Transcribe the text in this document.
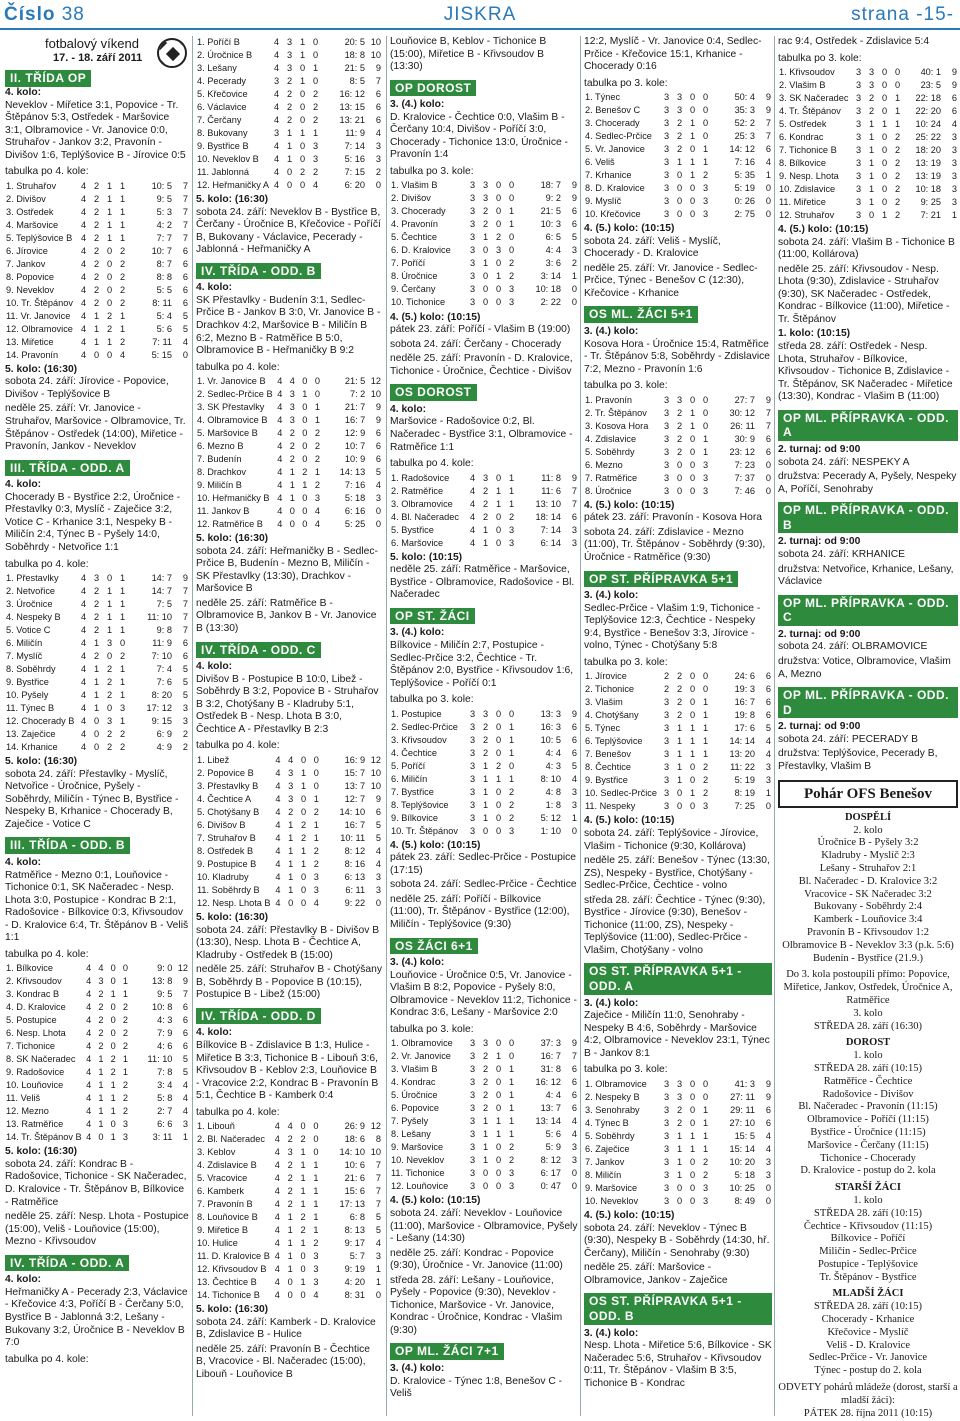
Číslo 38	JISKRA	strana -15-
fotbalový víkend
17. - 18. září 2011
II. TŘÍDA OP
4. kolo:
Neveklov - Miřetice 3:1, Popovice - Tr. Štěpánov 5:3, Ostředek - Maršovice 3:1, Olbramovice - Vr. Janovice 0:0, Struhařov - Jankov 3:2, Pravonín - Divišov 1:6, Teplýšovice B - Jírovice 0:5
tabulka po 4. kole:
1. Struhařov	4	2	1	1	10: 5	7
2. Divišov	4	2	1	1	9: 5	7
3. Ostředek	4	2	1	1	5: 3	7
4. Maršovice	4	2	1	1	4: 2	7
5. Teplýšovice B	4	2	1	1	7: 7	7
6. Jírovice	4	2	0	2	10: 7	6
7. Jankov	4	2	0	2	8: 7	6
8. Popovice	4	2	0	2	8: 8	6
9. Neveklov	4	2	0	2	5: 5	6
10. Tr. Štěpánov	4	2	0	2	8: 11	6
11. Vr. Janovice	4	1	2	1	5: 4	5
12. Olbramovice	4	1	2	1	5: 6	5
13. Miřetice	4	1	1	2	7: 11	4
14. Pravonín	4	0	0	4	5: 15	0
5. kolo: (16:30)
sobota 24. září: Jírovice - Popovice, Divišov - Teplýšovice B
neděle 25. září: Vr. Janovice - Struhařov, Maršovice - Olbramovice, Tr. Štěpánov - Ostředek (14:00), Miřetice - Pravonín, Jankov - Neveklov
III. TŘÍDA - ODD. A
4. kolo:
Chocerady B - Bystřice 2:2, Úročnice - Přestavlky 0:3, Myslíč - Zaječice 3:2, Votice C - Krhanice 3:1, Nespeky B - Miličín 2:4, Týnec B - Pyšely 14:0, Soběhrdy - Netvořice 1:1
tabulka po 4. kole:
1. Přestavlky	4	3	0	1	14: 7	9
2. Netvořice	4	2	1	1	14: 7	7
3. Úročnice	4	2	1	1	7: 5	7
4. Nespeky B	4	2	1	1	11: 10	7
5. Votice C	4	2	1	1	9: 8	7
6. Miličín	4	1	3	0	11: 9	6
7. Myslíč	4	2	0	2	7: 10	6
8. Soběhrdy	4	1	2	1	7: 4	5
9. Bystřice	4	1	2	1	7: 6	5
10. Pyšely	4	1	2	1	8: 20	5
11. Týnec B	4	1	0	3	17: 12	3
12. Chocerady B	4	0	3	1	9: 15	3
13. Zaječice	4	0	2	2	6: 9	2
14. Krhanice	4	0	2	2	4: 9	2
5. kolo: (16:30)
sobota 24. září: Přestavlky - Myslíč, Netvořice - Úročnice, Pyšely - Soběhrdy, Miličín - Týnec B, Bystřice - Nespeky B, Krhanice - Chocerady B, Zaječice - Votice C
III. TŘÍDA - ODD. B
4. kolo:
Ratměřice - Mezno 0:1, Louňovice - Tichonice 0:1, SK Načeradec - Nesp. Lhota 3:0, Postupice - Kondrac B 2:1, Radošovice - Bílkovice 0:3, Křivsoudov - D. Kralovice 6:4, Tr. Štěpánov B - Veliš 1:1
tabulka po 4. kole:
1. Bílkovice	4	4	0	0	9: 0	12
2. Křivsoudov	4	3	0	1	13: 8	9
3. Kondrac B	4	2	1	1	9: 5	7
4. D. Kralovice	4	2	0	2	10: 8	6
5. Postupice	4	2	0	2	4: 3	6
6. Nesp. Lhota	4	2	0	2	7: 9	6
7. Tichonice	4	2	0	2	4: 6	6
8. SK Načeradec	4	1	2	1	11: 10	5
9. Radošovice	4	1	2	1	7: 8	5
10. Louňovice	4	1	1	2	3: 4	4
11. Veliš	4	1	1	2	5: 8	4
12. Mezno	4	1	1	2	2: 7	4
13. Ratměřice	4	1	0	3	6: 6	3
14. Tr. Štěpánov B	4	0	1	3	3: 11	1
5. kolo: (16:30)
sobota 24. září: Kondrac B - Radošovice, Tichonice - SK Načeradec, D. Kralovice - Tr. Štěpánov B, Bílkovice - Ratměřice
neděle 25. září: Nesp. Lhota - Postupice (15:00), Veliš - Louňovice (15:00), Mezno - Křivsoudov
IV. TŘÍDA - ODD. A
4. kolo:
Heřmaničky A - Pecerady 2:3, Václavice - Křečovice 4:3, Poříčí B - Čerčany 5:0, Bystřice B - Jablonná 3:2, Lešany - Bukovany 3:2, Úročnice B - Neveklov B 7:0
tabulka po 4. kole:
1. Poříčí B	4	3	1	0	20: 5	10
2. Úročnice B	4	3	1	0	18: 8	10
3. Lešany	4	3	0	1	21: 5	9
4. Pecerady	3	2	1	0	8: 5	7
5. Křečovice	4	2	0	2	16: 12	6
6. Václavice	4	2	0	2	13: 15	6
7. Čerčany	4	2	0	2	13: 21	6
8. Bukovany	3	1	1	1	11: 9	4
9. Bystřice B	4	1	0	3	7: 14	3
10. Neveklov B	4	1	0	3	5: 16	3
11. Jablonná	4	0	2	2	7: 15	2
12. Heřmaničky A	4	0	0	4	6: 20	0
5. kolo: (16:30)
sobota 24. září: Neveklov B - Bystřice B, Čerčany - Úročnice B, Křečovice - Poříčí B, Bukovany - Václavice, Pecerady - Jablonná - Heřmaničky A
IV. TŘÍDA - ODD. B
4. kolo:
SK Přestavlky - Budenín 3:1, Sedlec-Prčice B - Jankov B 3:0, Vr. Janovice B - Drachkov 4:2, Maršovice B - Miličín B 6:2, Mezno B - Ratměřice B 5:0, Olbramovice B - Heřmaničky B 9:2
tabulka po 4. kole:
1. Vr. Janovice B	4	4	0	0	21: 5	12
2. Sedlec-Prčice B	4	3	1	0	7: 2	10
3. SK Přestavlky	4	3	0	1	21: 7	9
4. Olbramovice B	4	3	0	1	16: 7	9
5. Maršovice B	4	2	0	2	12: 9	6
6. Mezno B	4	2	0	2	10: 7	6
7. Budenín	4	2	0	2	10: 9	6
8. Drachkov	4	1	2	1	14: 13	5
9. Miličín B	4	1	1	2	7: 16	4
10. Heřmaničky B	4	1	0	3	5: 18	3
11. Jankov B	4	0	0	4	6: 16	0
12. Ratměřice B	4	0	0	4	5: 25	0
5. kolo: (16:30)
sobota 24. září: Heřmaničky B - Sedlec-Prčice B, Budenín - Mezno B, Miličín - SK Přestavlky (13:30), Drachkov - Maršovice B
neděle 25. září: Ratměřice B - Olbramovice B, Jankov B - Vr. Janovice B (13:30)
IV. TŘÍDA - ODD. C
4. kolo:
Divišov B - Postupice B 10:0, Libež - Soběhrdy B 3:2, Popovice B - Struhařov B 3:2, Chotýšany B - Kladruby 5:1, Ostředek B - Nesp. Lhota B 3:0, Čechtice A - Přestavlky B 2:3
tabulka po 4. kole:
1. Libež	4	4	0	0	16: 9	12
2. Popovice B	4	3	1	0	15: 7	10
3. Přestavlky B	4	3	1	0	13: 7	10
4. Čechtice A	4	3	0	1	12: 7	9
5. Chotýšany B	4	2	0	2	14: 10	6
6. Divišov B	4	1	2	1	16: 7	5
7. Struhařov B	4	1	2	1	10: 11	5
8. Ostředek B	4	1	1	2	8: 12	4
9. Postupice B	4	1	1	2	8: 16	4
10. Kladruby	4	1	0	3	6: 13	3
11. Soběhrdy B	4	1	0	3	6: 11	3
12. Nesp. Lhota B	4	0	0	4	9: 22	0
5. kolo: (16:30)
sobota 24. září: Přestavlky B - Divišov B (13:30), Nesp. Lhota B - Čechtice A, Kladruby - Ostředek B (15:00)
neděle 25. září: Struhařov B - Chotýšany B, Soběhrdy B - Popovice B (10:15), Postupice B - Libež (15:00)
IV. TŘÍDA - ODD. D
4. kolo:
Bílkovice B - Zdislavice B 1:3, Hulice - Miřetice B 3:3, Tichonice B - Libouň 3:6, Křivsoudov B - Keblov 2:3, Louňovice B - Vracovice 2:2, Kondrac B - Pravonín B 5:1, Čechtice B - Kamberk 0:4
tabulka po 4. kole:
1. Libouň	4	4	0	0	26: 9	12
2. Bl. Načeradec	4	2	2	0	18: 6	8
3. Keblov	4	3	1	0	14: 10	10
4. Zdislavice B	4	2	1	1	10: 6	7
5. Vracovice	4	2	1	1	21: 6	7
6. Kamberk	4	2	1	1	15: 6	7
7. Pravonín B	4	2	1	1	17: 13	7
8. Louňovice B	4	1	2	1	6: 8	5
9. Miřetice B	4	1	2	1	8: 13	5
10. Hulice	4	1	1	2	9: 17	4
11. D. Kralovice B	4	1	0	3	5: 7	3
12. Křivsoudov B	4	1	0	3	9: 19	1
13. Čechtice B	4	0	1	3	4: 20	1
14. Tichonice B	4	0	0	4	8: 31	0
5. kolo: (16:30)
sobota 24. září: Kamberk - D. Kralovice B, Zdislavice B - Hulice
neděle 25. září: Pravonín B - Čechtice B, Vracovice - Bl. Načeradec (15:00), Libouň - Louňovice B
Louňovice B, Keblov - Tichonice B (15:00), Miřetice B - Křivsoudov B (13:30)
OP DOROST
3. (4.) kolo:
D. Kralovice - Čechtice 0:0, Vlašim B - Čerčany 10:4, Divišov - Poříčí 3:0, Chocerady - Tichonice 13:0, Úročnice - Pravonín 1:4
tabulka po 3. kole:
1. Vlašim B	3	3	0	0	18: 7	9
2. Divišov	3	3	0	0	9: 2	9
3. Chocerady	3	2	0	1	21: 5	6
4. Pravonín	3	2	0	1	10: 3	6
5. Čechtice	3	1	2	0	6: 5	5
6. D. Kralovice	3	0	3	0	4: 4	3
7. Poříčí	3	1	0	2	3: 6	2
8. Úročnice	3	0	1	2	3: 14	1
9. Čerčany	3	0	0	3	10: 18	0
10. Tichonice	3	0	0	3	2: 22	0
4. (5.) kolo: (10:15)
pátek 23. září: Poříčí - Vlašim B (19:00)
sobota 24. září: Čerčany - Chocerady
neděle 25. září: Pravonín - D. Kralovice, Tichonice - Úročnice, Čechtice - Divišov
OS DOROST
4. kolo:
Maršovice - Radošovice 0:2, Bl. Načeradec - Bystřice 3:1, Olbramovice - Ratměřice 1:1
tabulka po 4. kole:
1. Radošovice	4	3	0	1	11: 8	9
2. Ratměřice	4	2	1	1	11: 6	7
3. Olbramovice	4	2	1	1	13: 10	7
4. Bl. Načeradec	4	2	0	2	18: 14	6
5. Bystřice	4	1	0	3	7: 14	3
6. Maršovice	4	1	0	3	6: 14	3
5. kolo: (10:15)
neděle 25. září: Ratměřice - Maršovice, Bystřice - Olbramovice, Radošovice - Bl. Načeradec
OP ST. ŽÁCI
3. (4.) kolo:
Bílkovice - Miličín 2:7, Postupice - Sedlec-Prčice 3:2, Čechtice - Tr. Štěpánov 2:0, Bystřice - Křivsoudov 1:6, Teplýšovice - Poříčí 0:1
tabulka po 3. kole:
1. Postupice	3	3	0	0	13: 3	9
2. Sedlec-Prčice	3	2	0	1	16: 3	6
3. Křivsoudov	3	2	0	1	10: 5	6
4. Čechtice	3	2	0	1	4: 4	6
5. Poříčí	3	1	2	0	4: 3	5
6. Miličín	3	1	1	1	8: 10	4
7. Bystřice	3	1	0	2	4: 8	3
8. Teplýšovice	3	1	0	2	1: 8	3
9. Bílkovice	3	1	0	2	5: 12	1
10. Tr. Štěpánov	3	0	0	3	1: 10	0
4. (5.) kolo: (10:15)
pátek 23. září: Sedlec-Prčice - Postupice (17:15)
sobota 24. září: Sedlec-Prčice - Čechtice
neděle 25. září: Poříčí - Bílkovice (11:00), Tr. Štěpánov - Bystřice (12:00), Miličín - Teplýšovice (9:30)
OS ŽÁCI 6+1
3. (4.) kolo:
Louňovice - Úročnice 0:5, Vr. Janovice - Vlašim B 8:2, Popovice - Pyšely 8:0, Olbramovice - Neveklov 11:2, Tichonice - Kondrac 3:6, Lešany - Maršovice 2:0
tabulka po 3. kole:
1. Olbramovice	3	3	0	0	37: 3	9
2. Vr. Janovice	3	2	1	0	16: 7	7
3. Vlašim B	3	2	0	1	31: 8	6
4. Kondrac	3	2	0	1	16: 12	6
5. Úročnice	3	2	0	1	4: 4	6
6. Popovice	3	2	0	1	13: 7	6
7. Pyšely	3	1	1	1	13: 14	4
8. Lešany	3	1	1	1	5: 6	4
9. Maršovice	3	1	0	2	5: 9	3
10. Neveklov	3	1	0	2	8: 12	3
11. Tichonice	3	0	0	3	6: 17	0
12. Louňovice	3	0	0	3	0: 47	0
4. (5.) kolo: (10:15)
sobota 24. září: Neveklov - Louňovice (11:00), Maršovice - Olbramovice, Pyšely - Lešany (14:30)
neděle 25. září: Kondrac - Popovice (9:30), Úročnice - Vr. Janovice (11:00)
středa 28. září: Lešany - Louňovice, Pyšely - Popovice (9:30), Neveklov - Tichonice, Maršovice - Vr. Janovice, Kondrac - Úročnice, Kondrac - Vlašim (9:30)
OP ML. ŽÁCI 7+1
3. (4.) kolo:
D. Kralovice - Týnec 1:8, Benešov C - Veliš
12:2, Myslíč - Vr. Janovice 0:4, Sedlec-Prčice - Křečovice 15:1, Krhanice - Chocerady 0:16
tabulka po 3. kole:
1. Týnec	3	3	0	0	50: 4	9
2. Benešov C	3	3	0	0	35: 3	9
3. Chocerady	3	2	1	0	52: 2	7
4. Sedlec-Prčice	3	2	1	0	25: 3	7
5. Vr. Janovice	3	2	0	1	14: 12	6
6. Veliš	3	1	1	1	7: 16	4
7. Krhanice	3	0	1	2	5: 35	1
8. D. Kralovice	3	0	0	3	5: 19	0
9. Myslíč	3	0	0	3	0: 26	0
10. Křečovice	3	0	0	3	2: 75	0
4. (5.) kolo: (10:15)
sobota 24. září: Veliš - Myslíč, Chocerady - D. Kralovice
neděle 25. září: Vr. Janovice - Sedlec-Prčice, Týnec - Benešov C (12:30), Křečovice - Krhanice
OS ML. ŽÁCI 5+1
3. (4.) kolo:
Kosova Hora - Úročnice 15:4, Ratměřice - Tr. Štěpánov 5:8, Soběhrdy - Zdislavice 7:2, Mezno - Pravonín 1:6
tabulka po 3. kole:
1. Pravonín	3	3	0	0	27: 7	9
2. Tr. Štěpánov	3	2	1	0	30: 12	7
3. Kosova Hora	3	2	1	0	26: 11	7
4. Zdislavice	3	2	0	1	30: 9	6
5. Soběhrdy	3	2	0	1	23: 12	6
6. Mezno	3	0	0	3	7: 23	0
7. Ratměřice	3	0	0	3	7: 37	0
8. Úročnice	3	0	0	3	7: 46	0
4. (5.) kolo: (10:15)
pátek 23. září: Pravonín - Kosova Hora
sobota 24. září: Zdislavice - Mezno (11:00), Tr. Štěpánov - Soběhrdy (9:30), Úročnice - Ratměřice (9:30)
OP ST. PŘÍPRAVKA 5+1
3. (4.) kolo:
Sedlec-Prčice - Vlašim 1:9, Tichonice - Teplýšovice 12:3, Čechtice - Nespeky 9:4, Bystřice - Benešov 3:3, Jírovice - volno, Týnec - Chotýšany 5:8
tabulka po 3. kole:
1. Jírovice	2	2	0	0	24: 6	6
2. Tichonice	2	2	0	0	19: 3	6
3. Vlašim	3	2	0	1	16: 7	6
4. Chotýšany	3	2	0	1	19: 8	6
5. Týnec	3	1	1	1	17: 6	5
6. Teplýšovice	3	1	1	1	14: 14	4
7. Benešov	3	1	1	1	13: 20	4
8. Čechtice	3	1	0	2	11: 22	3
9. Bystřice	3	1	0	2	5: 19	3
10. Sedlec-Prčice	3	0	1	2	8: 19	1
11. Nespeky	3	0	0	3	7: 25	0
4. (5.) kolo: (10:15)
sobota 24. září: Teplýšovice - Jírovice, Vlašim - Tichonice (9:30, Kollárova)
neděle 25. září: Benešov - Týnec (13:30, ZS), Nespeky - Bystřice, Chotýšany - Sedlec-Prčice, Čechtice - volno
středa 28. září: Čechtice - Týnec (9:30), Bystřice - Jírovice (9:30), Benešov - Tichonice (11:00, ZS), Nespeky - Teplýšovice (11:00), Sedlec-Prčice - Vlašim, Chotýšany - volno
OS ST. PŘÍPRAVKA 5+1 - ODD. A
3. (4.) kolo:
Zaječice - Miličín 11:0, Senohraby - Nespeky B 4:6, Soběhrdy - Maršovice 4:2, Olbramovice - Neveklov 23:1, Týnec B - Jankov 8:1
tabulka po 3. kole:
1. Olbramovice	3	3	0	0	41: 3	9
2. Nespeky B	3	3	0	0	27: 11	9
3. Senohraby	3	2	0	1	29: 11	6
4. Týnec B	3	2	0	1	27: 10	6
5. Soběhrdy	3	1	1	1	15: 5	4
6. Zaječice	3	1	1	1	15: 14	4
7. Jankov	3	1	0	2	10: 20	3
8. Miličín	3	1	0	2	5: 18	3
9. Maršovice	3	0	0	3	10: 25	0
10. Neveklov	3	0	0	3	8: 49	0
4. (5.) kolo: (10:15)
sobota 24. září: Neveklov - Týnec B (9:30), Nespeky B - Soběhrdy (14:30, hř. Čerčany), Miličín - Senohraby (9:30)
neděle 25. září: Maršovice - Olbramovice, Jankov - Zaječice
OS ST. PŘÍPRAVKA 5+1 - ODD. B
3. (4.) kolo:
Nesp. Lhota - Miřetice 5:6, Bílkovice - SK Načeradec 5:6, Struhařov - Křivsoudov 0:11, Tr. Štěpánov - Vlašim B 3:5, Tichonice B - Kondrac
rac 9:4, Ostředek - Zdislavice 5:4
tabulka po 3. kole:
1. Křivsoudov	3	3	0	0	40: 1	9
2. Vlašim B	3	3	0	0	23: 5	9
3. SK Načeradec	3	2	0	1	22: 18	6
4. Tr. Štěpánov	3	2	0	1	22: 20	6
5. Ostředek	3	1	1	1	10: 24	4
6. Kondrac	3	1	0	2	25: 22	3
7. Tichonice B	3	1	0	2	18: 20	3
8. Bílkovice	3	1	0	2	13: 19	3
9. Nesp. Lhota	3	1	0	2	13: 19	3
10. Zdislavice	3	1	0	2	10: 18	3
11. Miřetice	3	1	0	2	9: 25	3
12. Struhařov	3	0	1	2	7: 21	1
4. (5.) kolo: (10:15)
sobota 24. září: Vlašim B - Tichonice B (11:00, Kollárova)
neděle 25. září: Křivsoudov - Nesp. Lhota (9:30), Zdislavice - Struhařov (9:30), SK Načeradec - Ostředek, Kondrac - Bílkovice (11:00), Miřetice - Tr. Štěpánov
1. kolo: (10:15)
středa 28. září: Ostředek - Nesp. Lhota, Struhařov - Bílkovice, Křivsoudov - Tichonice B, Zdislavice - Tr. Štěpánov, SK Načeradec - Miřetice (13:30), Kondrac - Vlašim B (11:00)
OP ML. PŘÍPRAVKA - ODD. A
2. turnaj: od 9:00
sobota 24. září: NESPEKY A
družstva: Pecerady A, Pyšely, Nespeky A, Poříčí, Senohraby
OP ML. PŘÍPRAVKA - ODD. B
2. turnaj: od 9:00
sobota 24. září: KRHANICE
družstva: Netvořice, Krhanice, Lešany, Václavice
OP ML. PŘÍPRAVKA - ODD. C
2. turnaj: od 9:00
sobota 24. září: OLBRAMOVICE
družstva: Votice, Olbramovice, Vlašim A, Mezno
OP ML. PŘÍPRAVKA - ODD. D
2. turnaj: od 9:00
sobota 24. září: PECERADY B
družstva: Teplýšovice, Pecerady B, Přestavlky, Vlašim B
Pohár OFS Benešov
DOSPĚLÍ
2. kolo
Úročnice B - Pyšely 3:2
Kladruby - Myslíč 2:3
Lešany - Struhařov 2:1
Bl. Načeradec - D. Kralovice 3:2
Vracovice - SK Načeradec 3:2
Bukovany - Soběhrdy 2:4
Kamberk - Louňovice 3:4
Pravonín B - Křivsoudov 1:2
Olbramovice B - Neveklov 3:3 (p.k. 5:6)
Budenín - Bystřice (21.9.)
Do 3. kola postoupili přímo: Popovice, Miřetice, Jankov, Ostředek, Úročnice A, Ratměřice
3. kolo
STŘEDA 28. září (16:30)
DOROST
1. kolo
STŘEDA 28. září (10:15)
Ratměřice - Čechtice
Radošovice - Divišov
Bl. Načeradec - Pravonín (11:15)
Olbramovice - Poříčí (11:15)
Bystřice - Úročnice (11:15)
Maršovice - Čerčany (11:15)
Tichonice - Chocerady
D. Kralovice - postup do 2. kola
STARŠÍ ŽÁCI
1. kolo
STŘEDA 28. září (10:15)
Čechtice - Křivsoudov (11:15)
Bílkovice - Poříčí
Miličín - Sedlec-Prčice
Postupice - Teplýšovice
Tr. Štěpánov - Bystřice
MLADŠÍ ŽÁCI
STŘEDA 28. září (10:15)
Chocerady - Krhanice
Křečovice - Myslíč
Veliš - D. Kralovice
Sedlec-Prčice - Vr. Janovice
Týnec - postup do 2. kola
ODVETY pohárů mládeže (dorost, starší a mladší žáci):
PÁTEK 28. října 2011 (10:15)
